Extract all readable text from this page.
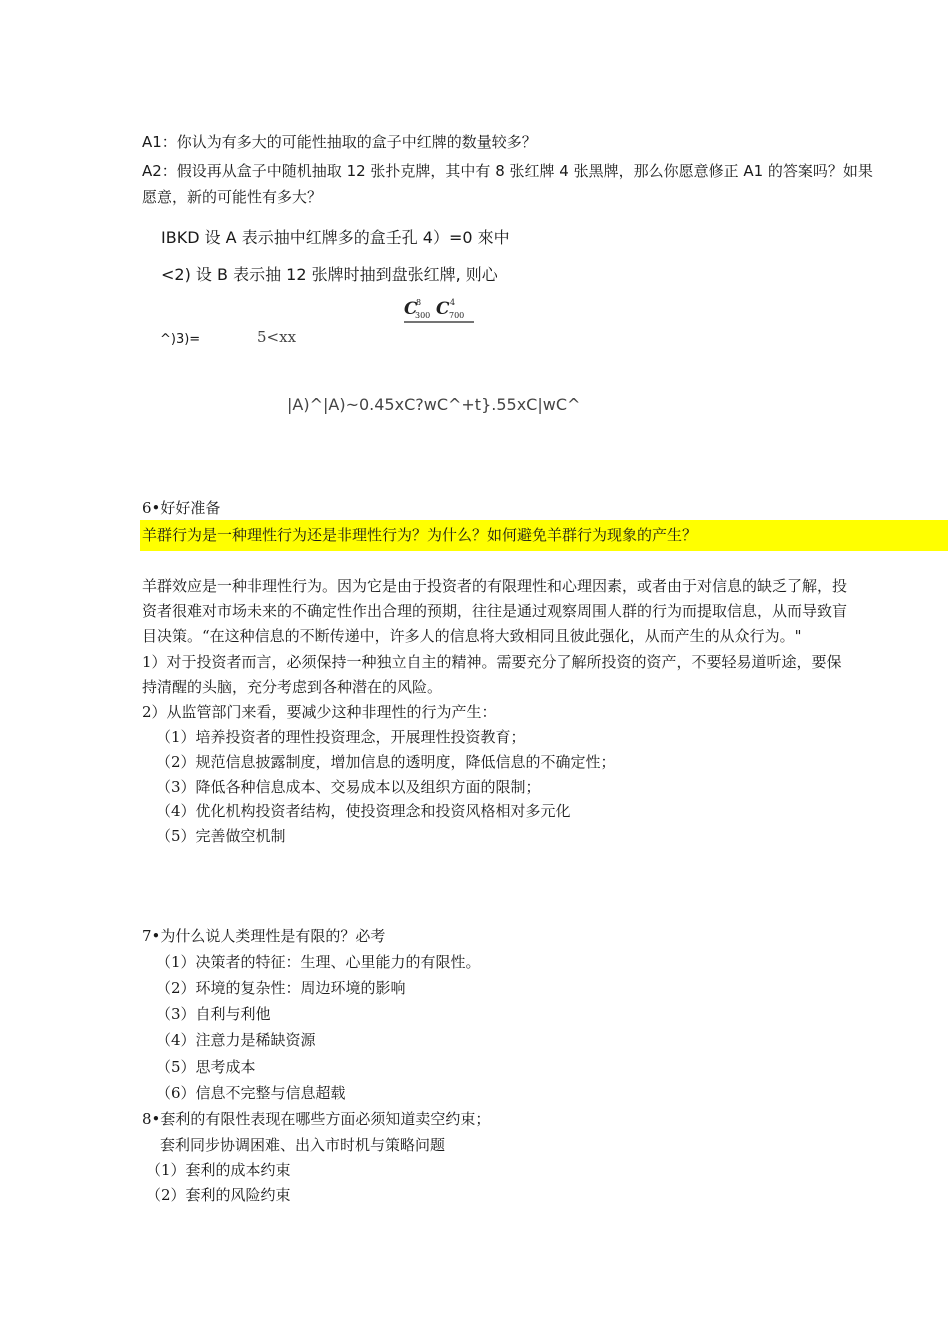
A1：你认为有多大的可能性抽取的盒子中红牌的数量较多？
A2：假设再从盒子中随机抽取 12 张扑克牌，其中有 8 张红牌 4 张黑牌，那么你愿意修正 A1 的答案吗？如果
愿意，新的可能性有多大？
IBKD 设 A 表示抽中红牌多的盒壬孔 4）=0 來中
<2) 设 B 表示抽 12 张牌时抽到盘张红牌, 则心
C
8
300 C 4
700
^)3)=	5<xx
|A)^|A)~0.45xC?wC^+t}.55xC|wC^
6•好好准备
羊群行为是一种理性行为还是非理性行为？为什么？如何避免羊群行为现象的产生？
羊群效应是一种非理性行为。因为它是由于投资者的有限理性和心理因素，或者由于对信息的缺乏了解，投
资者很难对市场未来的不确定性作出合理的预期，往往是通过观察周围人群的行为而提取信息，从而导致盲
目决策。“在这种信息的不断传递中，许多人的信息将大致相同且彼此强化，从而产生的从众行为。"
1）对于投资者而言，必须保持一种独立自主的精神。需要充分了解所投资的资产，不要轻易道听途，要保
持清醒的头脑，充分考虑到各种潜在的风险。
2）从监管部门来看，要减少这种非理性的行为产生：
（1）培养投资者的理性投资理念，开展理性投资教育；
（2）规范信息披露制度，增加信息的透明度，降低信息的不确定性；
（3）降低各种信息成本、交易成本以及组织方面的限制；
（4）优化机构投资者结构，使投资理念和投资风格相对多元化
（5）完善做空机制
7•为什么说人类理性是有限的？必考
（1）决策者的特征：生理、心里能力的有限性。
（2）环境的复杂性：周边环境的影响
（3）自利与利他
（4）注意力是稀缺资源
（5）思考成本
（6）信息不完整与信息超载
8•套利的有限性表现在哪些方面必须知道卖空约束；
套利同步协调困难、出入市时机与策略问题
（1）套利的成本约束
（2）套利的风险约束
